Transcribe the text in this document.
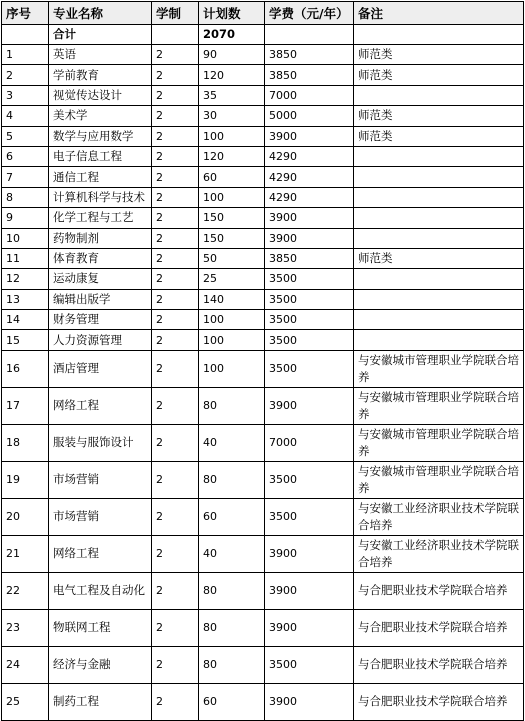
序号	专业名称	学制	计划数	学费（元/年）	备注
	合计		2070		
1	英语	2	90	3850	师范类
2	学前教育	2	120	3850	师范类
3	视觉传达设计	2	35	7000	
4	美术学	2	30	5000	师范类
5	数学与应用数学	2	100	3900	师范类
6	电子信息工程	2	120	4290	
7	通信工程	2	60	4290	
8	计算机科学与技术	2	100	4290	
9	化学工程与工艺	2	150	3900	
10	药物制剂	2	150	3900	
11	体育教育	2	50	3850	师范类
12	运动康复	2	25	3500	
13	编辑出版学	2	140	3500	
14	财务管理	2	100	3500	
15	人力资源管理	2	100	3500	
16	酒店管理	2	100	3500	与安徽城市管理职业学院联合培养
17	网络工程	2	80	3900	与安徽城市管理职业学院联合培养
18	服装与服饰设计	2	40	7000	与安徽城市管理职业学院联合培养
19	市场营销	2	80	3500	与安徽城市管理职业学院联合培养
20	市场营销	2	60	3500	与安徽工业经济职业技术学院联合培养
21	网络工程	2	40	3900	与安徽工业经济职业技术学院联合培养
22	电气工程及自动化	2	80	3900	与合肥职业技术学院联合培养
23	物联网工程	2	80	3900	与合肥职业技术学院联合培养
24	经济与金融	2	80	3500	与合肥职业技术学院联合培养
25	制药工程	2	60	3900	与合肥职业技术学院联合培养
